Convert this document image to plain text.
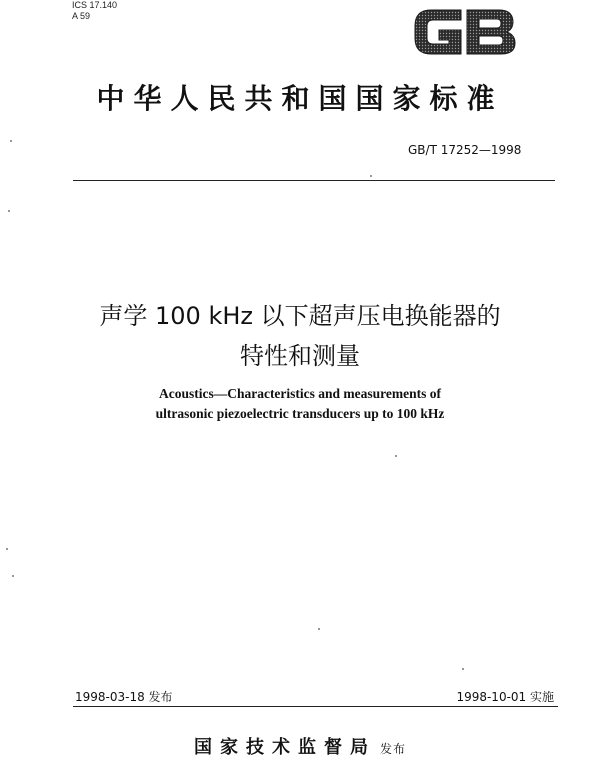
ICS 17.140
A 59
中华人民共和国国家标准
GB/T 17252—1998
声学 100 kHz 以下超声压电换能器的
特性和测量
Acoustics—Characteristics and measurements of
ultrasonic piezoelectric transducers up to 100 kHz
1998-03-18 发布	1998-10-01 实施
国家技术监督局 发布
